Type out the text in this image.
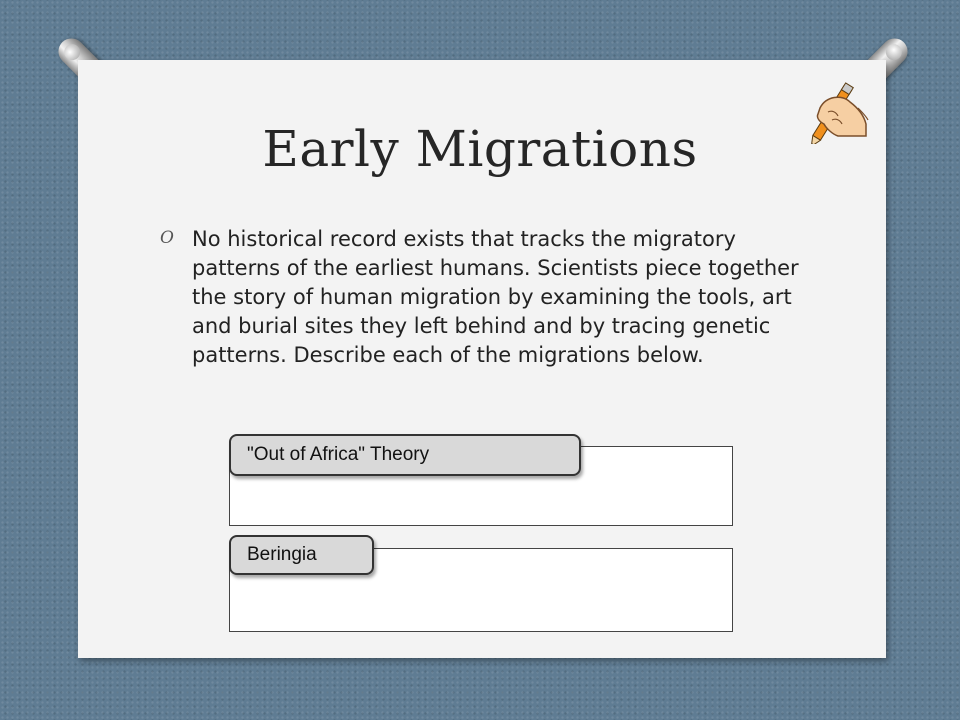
Early Migrations
O No historical record exists that tracks the migratory patterns of the earliest humans. Scientists piece together the story of human migration by examining the tools, art and burial sites they left behind and by tracing genetic patterns. Describe each of the migrations below.
"Out of Africa" Theory
Beringia
